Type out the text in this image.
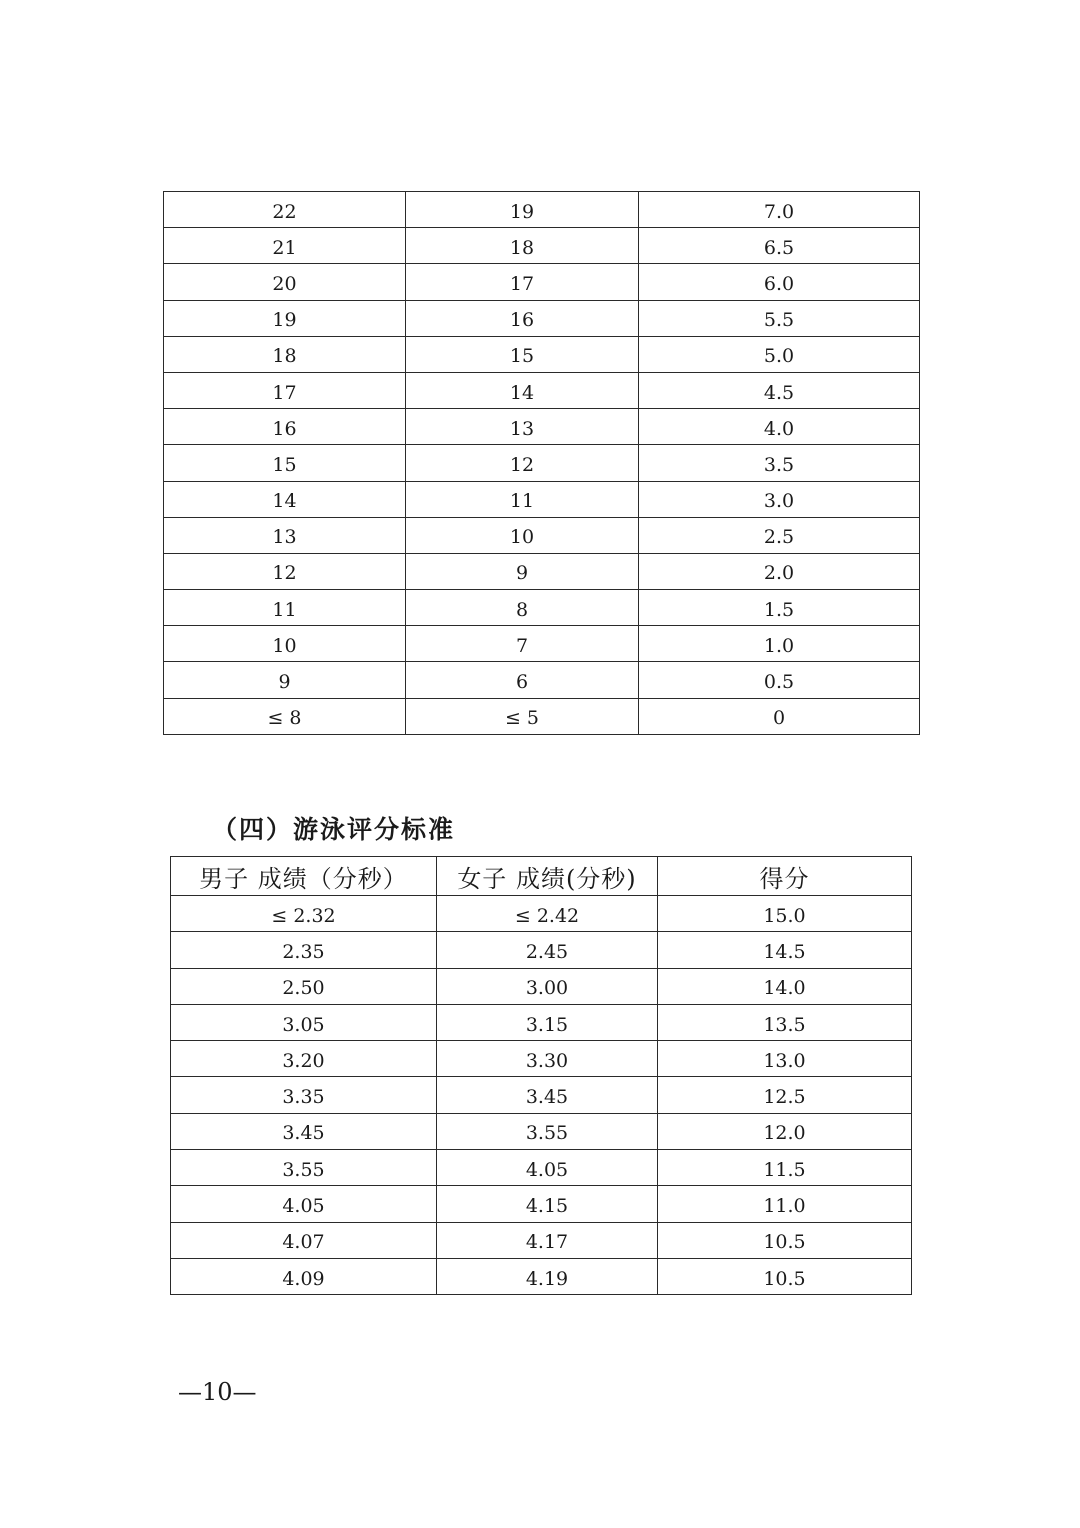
22	19	7.0
21	18	6.5
20	17	6.0
19	16	5.5
18	15	5.0
17	14	4.5
16	13	4.0
15	12	3.5
14	11	3.0
13	10	2.5
12	9	2.0
11	8	1.5
10	7	1.0
9	6	0.5
≤ 8	≤ 5	0
（四）游泳评分标准
男子 成绩（分秒）	女子 成绩(分秒)	得分
≤ 2.32	≤ 2.42	15.0
2.35	2.45	14.5
2.50	3.00	14.0
3.05	3.15	13.5
3.20	3.30	13.0
3.35	3.45	12.5
3.45	3.55	12.0
3.55	4.05	11.5
4.05	4.15	11.0
4.07	4.17	10.5
4.09	4.19	10.5

—10—
